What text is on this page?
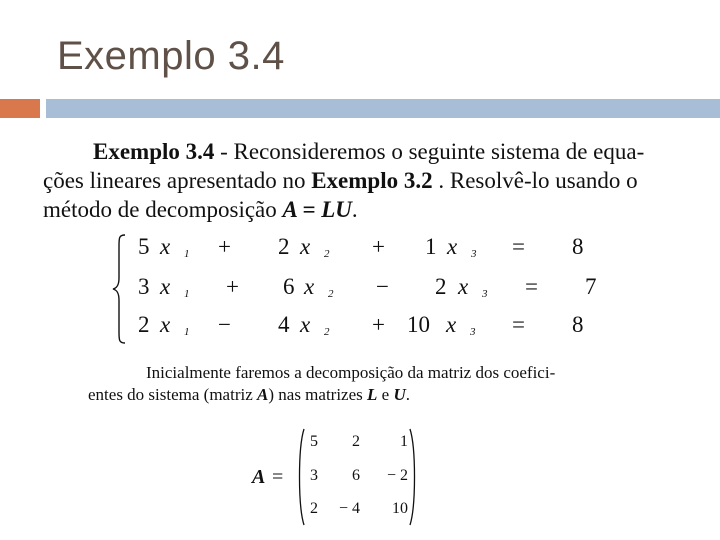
Exemplo 3.4
Exemplo 3.4 - Reconsideremos o seguinte sistema de equa-
ções lineares apresentado no Exemplo 3.2 . Resolvê-lo usando o
método de decomposição A = LU.
5 x 1 + 2 x 2 + 1 x 3 = 8
3 x 1 + 6 x 2 − 2 x 3 = 7
2 x 1 − 4 x 2 + 10 x 3 = 8
Inicialmente faremos a decomposição da matriz dos coefici-
entes do sistema (matriz A) nas matrizes L e U.
A =
5	2	1
3	6	− 2
2	− 4	10
